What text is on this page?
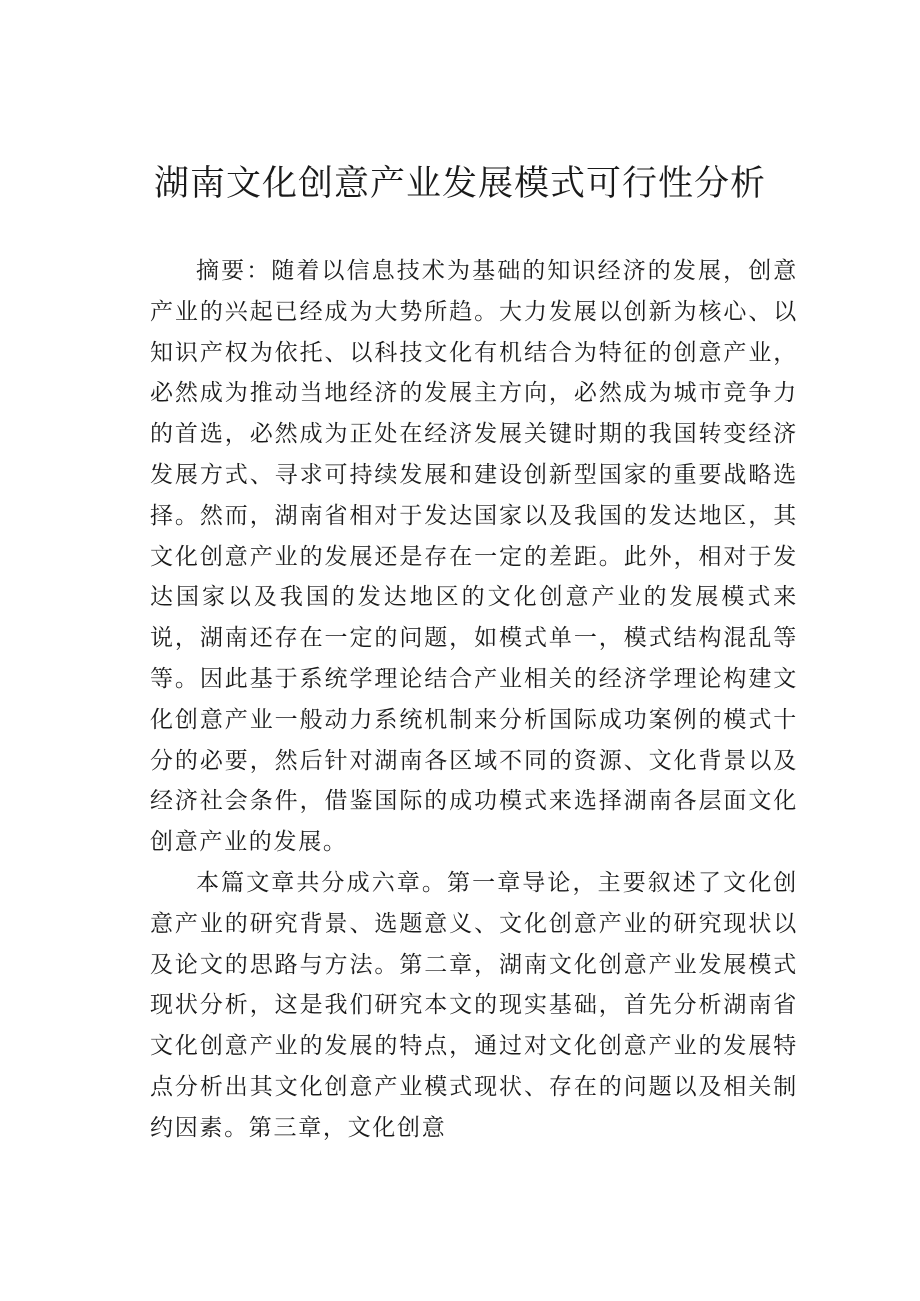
湖南文化创意产业发展模式可行性分析

摘要：随着以信息技术为基础的知识经济的发展，创意产业的兴起已经成为大势所趋。大力发展以创新为核心、以知识产权为依托、以科技文化有机结合为特征的创意产业，必然成为推动当地经济的发展主方向，必然成为城市竞争力的首选，必然成为正处在经济发展关键时期的我国转变经济发展方式、寻求可持续发展和建设创新型国家的重要战略选择。然而，湖南省相对于发达国家以及我国的发达地区，其文化创意产业的发展还是存在一定的差距。此外，相对于发达国家以及我国的发达地区的文化创意产业的发展模式来说，湖南还存在一定的问题，如模式单一，模式结构混乱等等。因此基于系统学理论结合产业相关的经济学理论构建文化创意产业一般动力系统机制来分析国际成功案例的模式十分的必要，然后针对湖南各区域不同的资源、文化背景以及经济社会条件，借鉴国际的成功模式来选择湖南各层面文化创意产业的发展。

本篇文章共分成六章。第一章导论，主要叙述了文化创意产业的研究背景、选题意义、文化创意产业的研究现状以及论文的思路与方法。第二章，湖南文化创意产业发展模式现状分析，这是我们研究本文的现实基础，首先分析湖南省文化创意产业的发展的特点，通过对文化创意产业的发展特点分析出其文化创意产业模式现状、存在的问题以及相关制约因素。第三章，文化创意
